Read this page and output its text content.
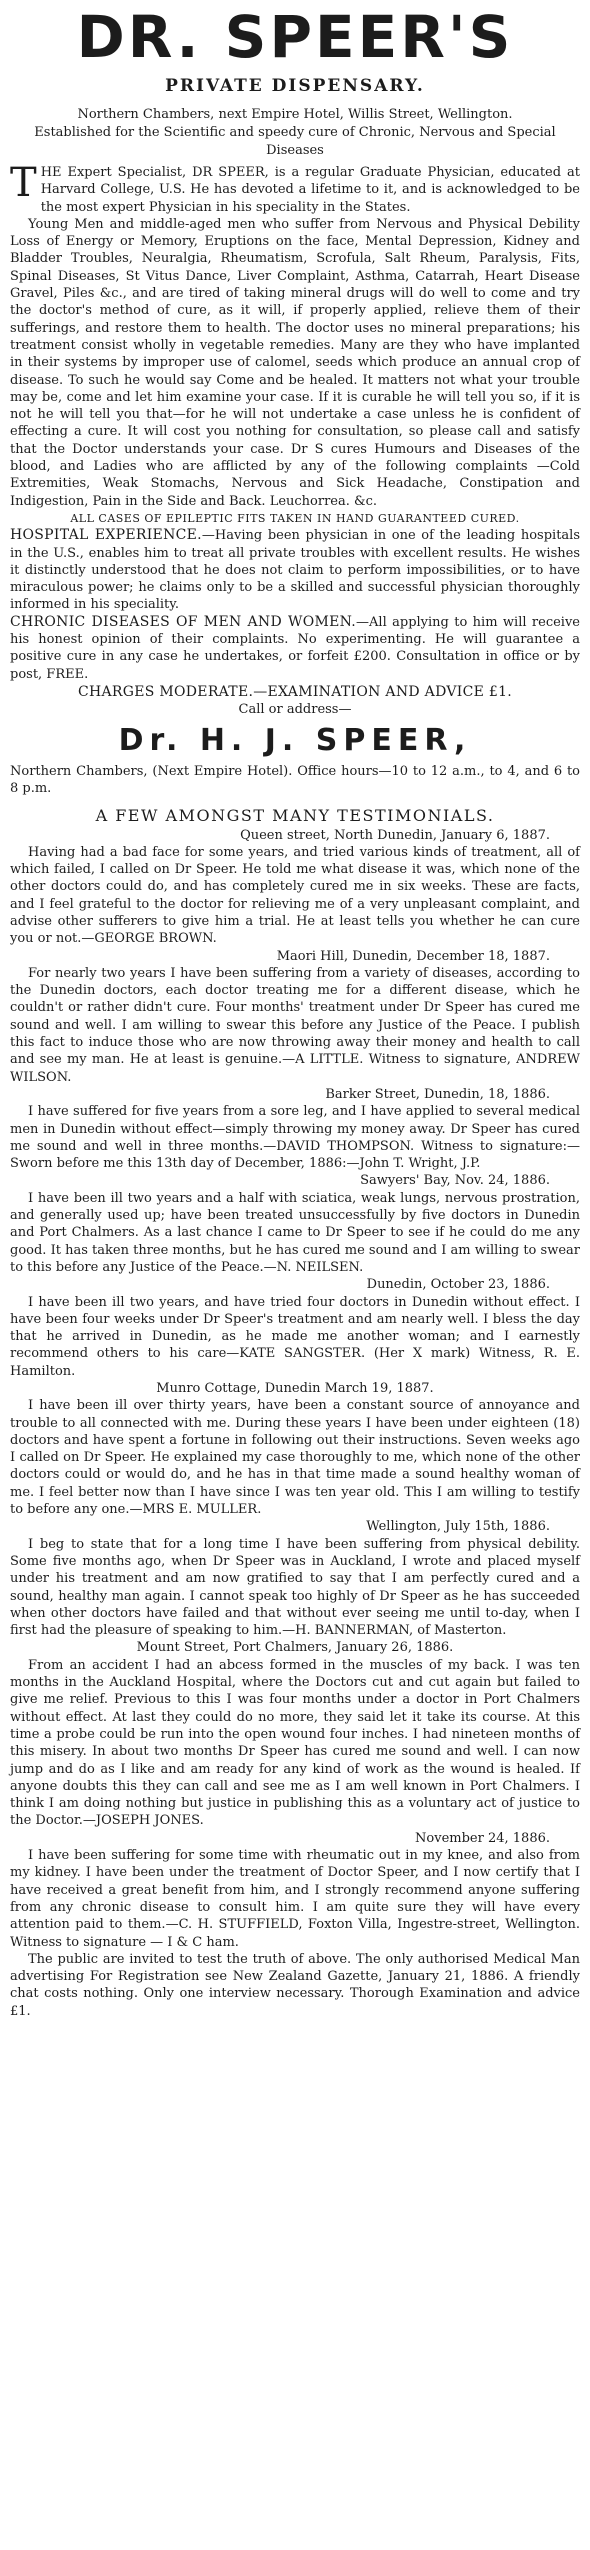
DR. SPEER'S
PRIVATE DISPENSARY.
Northern Chambers, next Empire Hotel, Willis Street, Wellington.
Established for the Scientific and speedy cure of Chronic, Nervous and Special Diseases

THE Expert Specialist, DR SPEER, is a regular Graduate Physician, educated at Harvard College, U.S. He has devoted a lifetime to it, and is acknowledged to be the most expert Physician in his speciality in the States.

Young Men and middle-aged men who suffer from Nervous and Physical Debility Loss of Energy or Memory, Eruptions on the face, Mental Depression, Kidney and Bladder Troubles, Neuralgia, Rheumatism, Scrofula, Salt Rheum, Paralysis, Fits, Spinal Diseases, St Vitus Dance, Liver Complaint, Asthma, Catarrah, Heart Disease Gravel, Piles &c., and are tired of taking mineral drugs will do well to come and try the doctor's method of cure, as it will, if properly applied, relieve them of their sufferings, and restore them to health. The doctor uses no mineral preparations; his treatment consist wholly in vegetable remedies. Many are they who have implanted in their systems by improper use of calomel, seeds which produce an annual crop of disease. To such he would say Come and be healed. It matters not what your trouble may be, come and let him examine your case. If it is curable he will tell you so, if it is not he will tell you that—for he will not undertake a case unless he is confident of effecting a cure. It will cost you nothing for consultation, so please call and satisfy that the Doctor understands your case. Dr S cures Humours and Diseases of the blood, and Ladies who are afflicted by any of the following complaints —Cold Extremities, Weak Stomachs, Nervous and Sick Headache, Constipation and Indigestion, Pain in the Side and Back. Leuchorrea. &c.

ALL CASES OF EPILEPTIC FITS TAKEN IN HAND GUARANTEED CURED.

HOSPITAL EXPERIENCE.—Having been physician in one of the leading hospitals in the U.S., enables him to treat all private troubles with excellent results. He wishes it distinctly understood that he does not claim to perform impossibilities, or to have miraculous power; he claims only to be a skilled and successful physician thoroughly informed in his speciality.

CHRONIC DISEASES OF MEN AND WOMEN.—All applying to him will receive his honest opinion of their complaints. No experimenting. He will guarantee a positive cure in any case he undertakes, or forfeit £200. Consultation in office or by post, FREE.

CHARGES MODERATE.—EXAMINATION AND ADVICE £1.
Call or address—
Dr. H. J. SPEER,

Northern Chambers, (Next Empire Hotel). Office hours—10 to 12 a.m., to 4, and 6 to 8 p.m.

A FEW AMONGST MANY TESTIMONIALS.

Queen street, North Dunedin, January 6, 1887.

Having had a bad face for some years, and tried various kinds of treatment, all of which failed, I called on Dr Speer. He told me what disease it was, which none of the other doctors could do, and has completely cured me in six weeks. These are facts, and I feel grateful to the doctor for relieving me of a very unpleasant complaint, and advise other sufferers to give him a trial. He at least tells you whether he can cure you or not.—GEORGE BROWN.

Maori Hill, Dunedin, December 18, 1887.

For nearly two years I have been suffering from a variety of diseases, according to the Dunedin doctors, each doctor treating me for a different disease, which he couldn't or rather didn't cure. Four months' treatment under Dr Speer has cured me sound and well. I am willing to swear this before any Justice of the Peace. I publish this fact to induce those who are now throwing away their money and health to call and see my man. He at least is genuine.—A LITTLE. Witness to signature, ANDREW WILSON.

Barker Street, Dunedin, 18, 1886.

I have suffered for five years from a sore leg, and I have applied to several medical men in Dunedin without effect—simply throwing my money away. Dr Speer has cured me sound and well in three months.—DAVID THOMPSON. Witness to signature:—Sworn before me this 13th day of December, 1886:—John T. Wright, J.P.

Sawyers' Bay, Nov. 24, 1886.

I have been ill two years and a half with sciatica, weak lungs, nervous prostration, and generally used up; have been treated unsuccessfully by five doctors in Dunedin and Port Chalmers. As a last chance I came to Dr Speer to see if he could do me any good. It has taken three months, but he has cured me sound and I am willing to swear to this before any Justice of the Peace.—N. NEILSEN.

Dunedin, October 23, 1886.

I have been ill two years, and have tried four doctors in Dunedin without effect. I have been four weeks under Dr Speer's treatment and am nearly well. I bless the day that he arrived in Dunedin, as he made me another woman; and I earnestly recommend others to his care—KATE SANGSTER. (Her X mark) Witness, R. E. Hamilton.

Munro Cottage, Dunedin March 19, 1887.

I have been ill over thirty years, have been a constant source of annoyance and trouble to all connected with me. During these years I have been under eighteen (18) doctors and have spent a fortune in following out their instructions. Seven weeks ago I called on Dr Speer. He explained my case thoroughly to me, which none of the other doctors could or would do, and he has in that time made a sound healthy woman of me. I feel better now than I have since I was ten year old. This I am willing to testify to before any one.—MRS E. MULLER.

Wellington, July 15th, 1886.

I beg to state that for a long time I have been suffering from physical debility. Some five months ago, when Dr Speer was in Auckland, I wrote and placed myself under his treatment and am now gratified to say that I am perfectly cured and a sound, healthy man again. I cannot speak too highly of Dr Speer as he has succeeded when other doctors have failed and that without ever seeing me until to-day, when I first had the pleasure of speaking to him.—H. BANNERMAN, of Masterton.

Mount Street, Port Chalmers, January 26, 1886.

From an accident I had an abcess formed in the muscles of my back. I was ten months in the Auckland Hospital, where the Doctors cut and cut again but failed to give me relief. Previous to this I was four months under a doctor in Port Chalmers without effect. At last they could do no more, they said let it take its course. At this time a probe could be run into the open wound four inches. I had nineteen months of this misery. In about two months Dr Speer has cured me sound and well. I can now jump and do as I like and am ready for any kind of work as the wound is healed. If anyone doubts this they can call and see me as I am well known in Port Chalmers. I think I am doing nothing but justice in publishing this as a voluntary act of justice to the Doctor.—JOSEPH JONES.

November 24, 1886.

I have been suffering for some time with rheumatic out in my knee, and also from my kidney. I have been under the treatment of Doctor Speer, and I now certify that I have received a great benefit from him, and I strongly recommend anyone suffering from any chronic disease to consult him. I am quite sure they will have every attention paid to them.—C. H. STUFFIELD, Foxton Villa, Ingestre-street, Wellington. Witness to signature — I & C ham.

The public are invited to test the truth of above. The only authorised Medical Man advertising For Registration see New Zealand Gazette, January 21, 1886. A friendly chat costs nothing. Only one interview necessary. Thorough Examination and advice £1.
